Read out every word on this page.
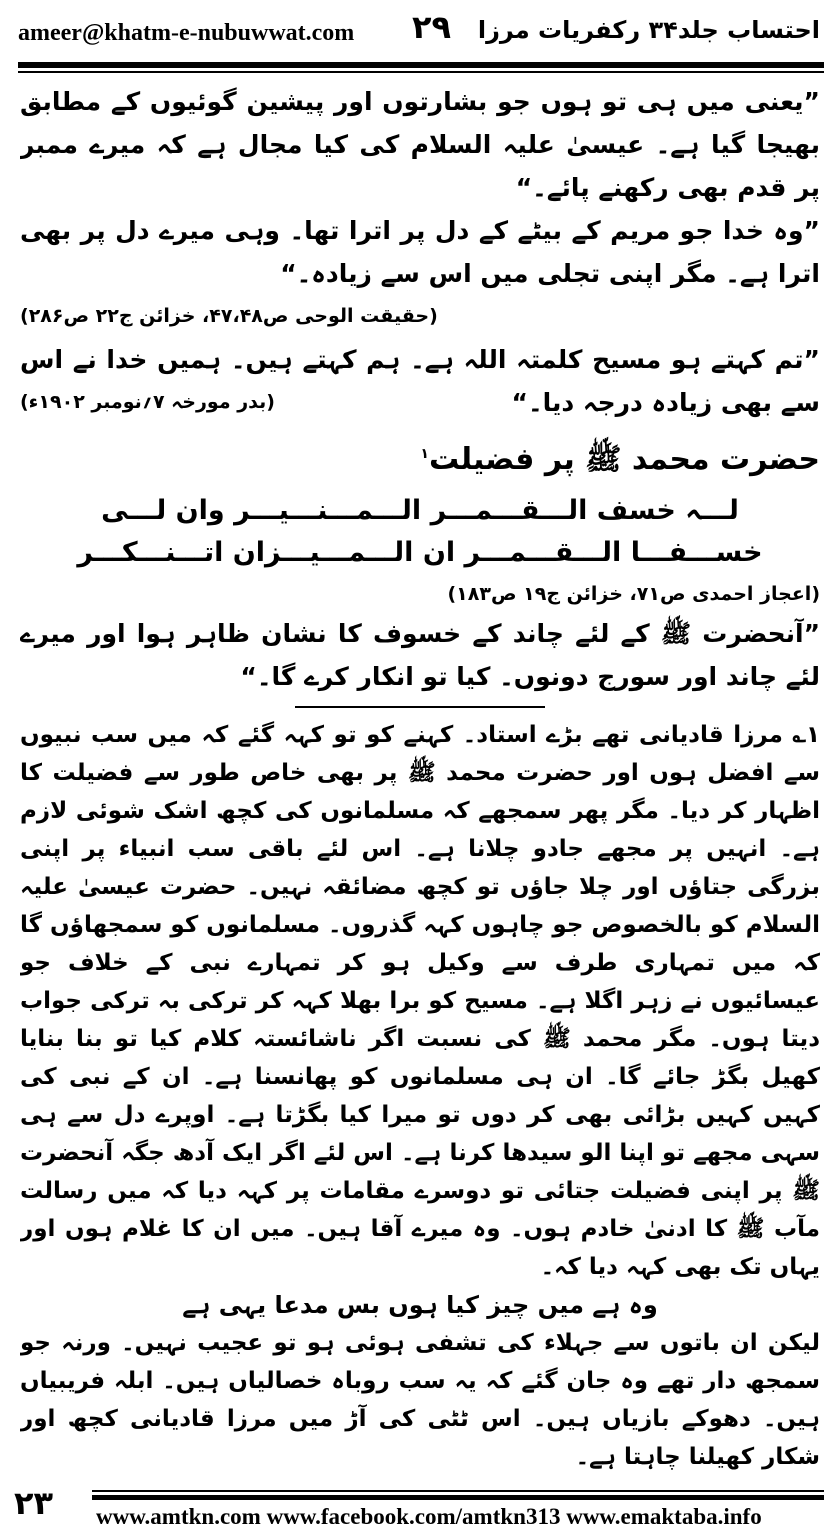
ameer@khatm-e-nubuwwat.com ۲۹ احتساب جلد۳۴ رکفریات مرزا

”یعنی میں ہی تو ہوں جو بشارتوں اور پیشین گوئیوں کے مطابق بھیجا گیا ہے۔ عیسیٰ علیہ السلام کی کیا مجال ہے کہ میرے ممبر پر قدم بھی رکھنے پائے۔“

”وہ خدا جو مریم کے بیٹے کے دل پر اترا تھا۔ وہی میرے دل پر بھی اترا ہے۔ مگر اپنی تجلی میں اس سے زیادہ۔“
(حقیقت الوحی ص۴۷،۴۸، خزائن ج۲۲ ص۲۸۶)

”تم کہتے ہو مسیح کلمتہ اللہ ہے۔ ہم کہتے ہیں۔ ہمیں خدا نے اس سے بھی زیادہ درجہ دیا۔“
(بدر مورخہ ۷؍نومبر ۱۹۰۲ء)

حضرت محمد ﷺ پر فضیلت$^۱$

لـــہ خسف الـــقـــمـــر الـــمـــنـــیـــر وان لـــی

خســـفـــا الـــقـــمـــر ان الـــمـــیـــزان اتـــنـــکـــر

(اعجاز احمدی ص۷۱، خزائن ج۱۹ ص۱۸۳)

”آنحضرت ﷺ کے لئے چاند کے خسوف کا نشان ظاہر ہوا اور میرے لئے چاند اور سورج دونوں۔ کیا تو انکار کرے گا۔“

۱؎ مرزا قادیانی تھے بڑے استاد۔ کہنے کو تو کہہ گئے کہ میں سب نبیوں سے افضل ہوں اور حضرت محمد ﷺ پر بھی خاص طور سے فضیلت کا اظہار کر دیا۔ مگر پھر سمجھے کہ مسلمانوں کی کچھ اشک شوئی لازم ہے۔ انہیں پر مجھے جادو چلانا ہے۔ اس لئے باقی سب انبیاء پر اپنی بزرگی جتاؤں اور چلا جاؤں تو کچھ مضائقہ نہیں۔ حضرت عیسیٰ علیہ السلام کو بالخصوص جو چاہوں کہہ گذروں۔ مسلمانوں کو سمجھاؤں گا کہ میں تمہاری طرف سے وکیل ہو کر تمہارے نبی کے خلاف جو عیسائیوں نے زہر اگلا ہے۔ مسیح کو برا بھلا کہہ کر ترکی بہ ترکی جواب دیتا ہوں۔ مگر محمد ﷺ کی نسبت اگر ناشائستہ کلام کیا تو بنا بنایا کھیل بگڑ جائے گا۔ ان ہی مسلمانوں کو پھانسنا ہے۔ ان کے نبی کی کہیں کہیں بڑائی بھی کر دوں تو میرا کیا بگڑتا ہے۔ اوپرے دل سے ہی سہی مجھے تو اپنا الو سیدھا کرنا ہے۔ اس لئے اگر ایک آدھ جگہ آنحضرت ﷺ پر اپنی فضیلت جتائی تو دوسرے مقامات پر کہہ دیا کہ میں رسالت مآب ﷺ کا ادنیٰ خادم ہوں۔ وہ میرے آقا ہیں۔ میں ان کا غلام ہوں اور یہاں تک بھی کہہ دیا کہ۔

وہ ہے میں چیز کیا ہوں بس مدعا یہی ہے

لیکن ان باتوں سے جہلاء کی تشفی ہوئی ہو تو عجیب نہیں۔ ورنہ جو سمجھ دار تھے وہ جان گئے کہ یہ سب روباہ خصالیاں ہیں۔ ابلہ فریبیاں ہیں۔ دھوکے بازیاں ہیں۔ اس ٹٹی کی آڑ میں مرزا قادیانی کچھ اور شکار کھیلنا چاہتا ہے۔

۲۳ www.amtkn.com www.facebook.com/amtkn313 www.emaktaba.info
